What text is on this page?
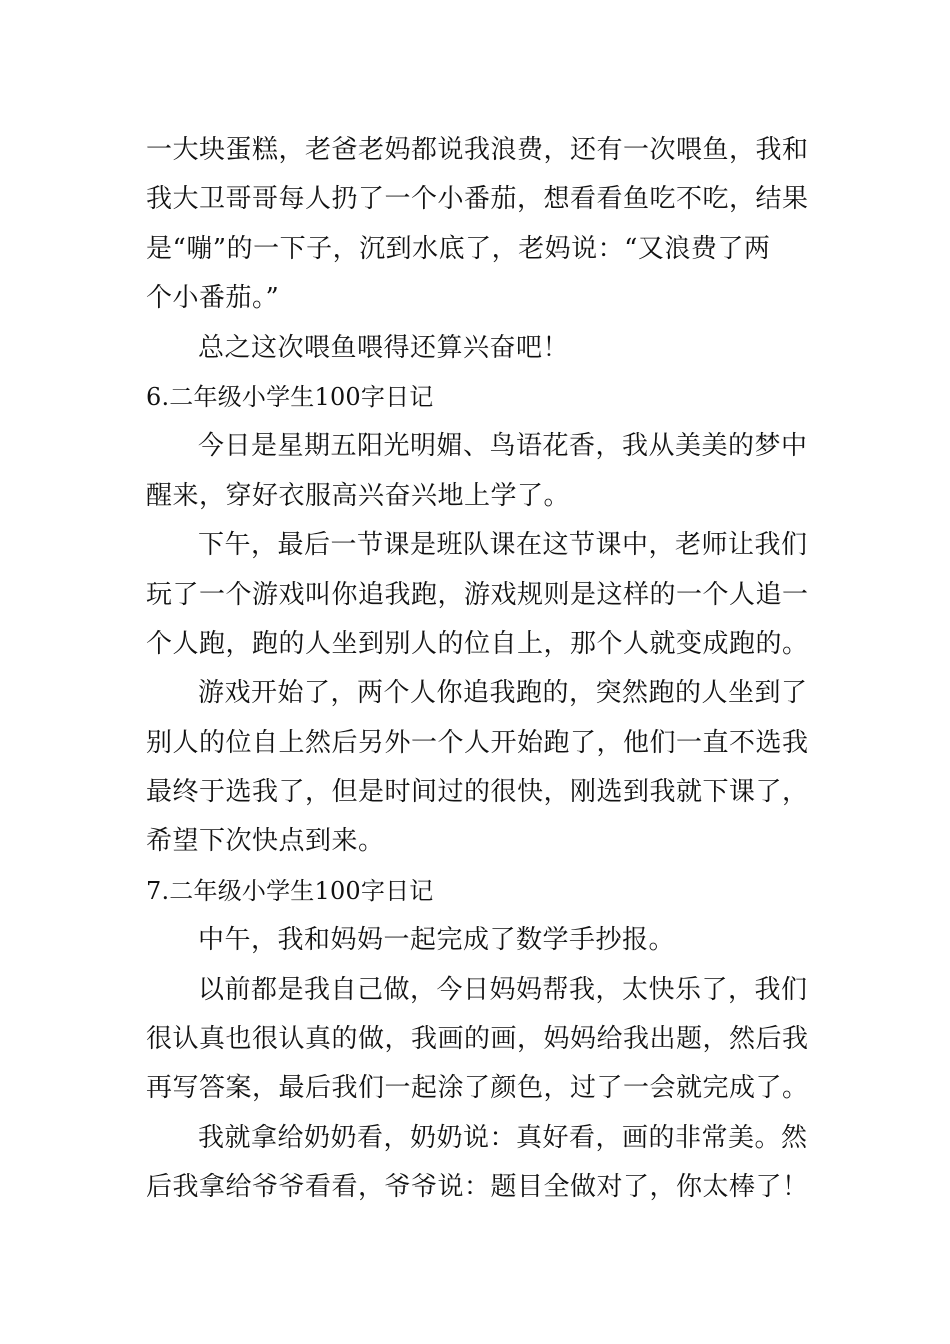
一大块蛋糕，老爸老妈都说我浪费，还有一次喂鱼，我和
我大卫哥哥每人扔了一个小番茄，想看看鱼吃不吃，结果
是“嘣”的一下子，沉到水底了，老妈说：“又浪费了两
个小番茄。”
总之这次喂鱼喂得还算兴奋吧！
6.二年级小学生100字日记
今日是星期五阳光明媚、鸟语花香，我从美美的梦中
醒来，穿好衣服高兴奋兴地上学了。
下午，最后一节课是班队课在这节课中，老师让我们
玩了一个游戏叫你追我跑，游戏规则是这样的一个人追一
个人跑，跑的人坐到别人的位自上，那个人就变成跑的。
游戏开始了，两个人你追我跑的，突然跑的人坐到了
别人的位自上然后另外一个人开始跑了，他们一直不选我
最终于选我了，但是时间过的很快，刚选到我就下课了，
希望下次快点到来。
7.二年级小学生100字日记
中午，我和妈妈一起完成了数学手抄报。
以前都是我自己做，今日妈妈帮我，太快乐了，我们
很认真也很认真的做，我画的画，妈妈给我出题，然后我
再写答案，最后我们一起涂了颜色，过了一会就完成了。
我就拿给奶奶看，奶奶说：真好看，画的非常美。然
后我拿给爷爷看看，爷爷说：题目全做对了，你太棒了！
